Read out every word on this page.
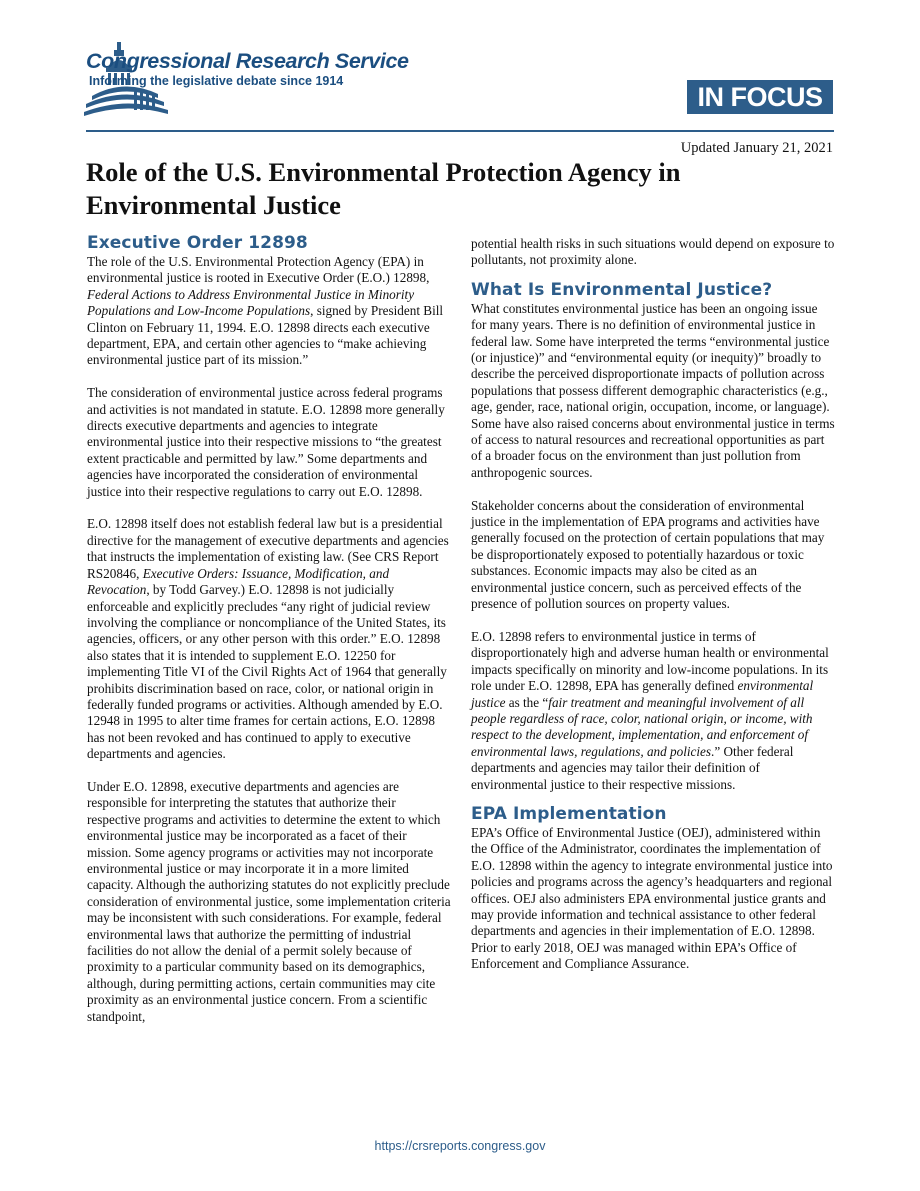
Congressional Research Service
Informing the legislative debate since 1914
IN FOCUS
Updated January 21, 2021
Role of the U.S. Environmental Protection Agency in Environmental Justice
Executive Order 12898

The role of the U.S. Environmental Protection Agency (EPA) in environmental justice is rooted in Executive Order (E.O.) 12898, Federal Actions to Address Environmental Justice in Minority Populations and Low-Income Populations, signed by President Bill Clinton on February 11, 1994. E.O. 12898 directs each executive department, EPA, and certain other agencies to “make achieving environmental justice part of its mission.”

The consideration of environmental justice across federal programs and activities is not mandated in statute. E.O. 12898 more generally directs executive departments and agencies to integrate environmental justice into their respective missions to “the greatest extent practicable and permitted by law.” Some departments and agencies have incorporated the consideration of environmental justice into their respective regulations to carry out E.O. 12898.

E.O. 12898 itself does not establish federal law but is a presidential directive for the management of executive departments and agencies that instructs the implementation of existing law. (See CRS Report RS20846, Executive Orders: Issuance, Modification, and Revocation, by Todd Garvey.) E.O. 12898 is not judicially enforceable and explicitly precludes “any right of judicial review involving the compliance or noncompliance of the United States, its agencies, officers, or any other person with this order.” E.O. 12898 also states that it is intended to supplement E.O. 12250 for implementing Title VI of the Civil Rights Act of 1964 that generally prohibits discrimination based on race, color, or national origin in federally funded programs or activities. Although amended by E.O. 12948 in 1995 to alter time frames for certain actions, E.O. 12898 has not been revoked and has continued to apply to executive departments and agencies.

Under E.O. 12898, executive departments and agencies are responsible for interpreting the statutes that authorize their respective programs and activities to determine the extent to which environmental justice may be incorporated as a facet of their mission. Some agency programs or activities may not incorporate environmental justice or may incorporate it in a more limited capacity. Although the authorizing statutes do not explicitly preclude consideration of environmental justice, some implementation criteria may be inconsistent with such considerations. For example, federal environmental laws that authorize the permitting of industrial facilities do not allow the denial of a permit solely because of proximity to a particular community based on its demographics, although, during permitting actions, certain communities may cite proximity as an environmental justice concern. From a scientific standpoint,

potential health risks in such situations would depend on exposure to pollutants, not proximity alone.

What Is Environmental Justice?

What constitutes environmental justice has been an ongoing issue for many years. There is no definition of environmental justice in federal law. Some have interpreted the terms “environmental justice (or injustice)” and “environmental equity (or inequity)” broadly to describe the perceived disproportionate impacts of pollution across populations that possess different demographic characteristics (e.g., age, gender, race, national origin, occupation, income, or language). Some have also raised concerns about environmental justice in terms of access to natural resources and recreational opportunities as part of a broader focus on the environment than just pollution from anthropogenic sources.

Stakeholder concerns about the consideration of environmental justice in the implementation of EPA programs and activities have generally focused on the protection of certain populations that may be disproportionately exposed to potentially hazardous or toxic substances. Economic impacts may also be cited as an environmental justice concern, such as perceived effects of the presence of pollution sources on property values.

E.O. 12898 refers to environmental justice in terms of disproportionately high and adverse human health or environmental impacts specifically on minority and low-income populations. In its role under E.O. 12898, EPA has generally defined environmental justice as the “fair treatment and meaningful involvement of all people regardless of race, color, national origin, or income, with respect to the development, implementation, and enforcement of environmental laws, regulations, and policies.” Other federal departments and agencies may tailor their definition of environmental justice to their respective missions.

EPA Implementation

EPA’s Office of Environmental Justice (OEJ), administered within the Office of the Administrator, coordinates the implementation of E.O. 12898 within the agency to integrate environmental justice into policies and programs across the agency’s headquarters and regional offices. OEJ also administers EPA environmental justice grants and may provide information and technical assistance to other federal departments and agencies in their implementation of E.O. 12898. Prior to early 2018, OEJ was managed within EPA’s Office of Enforcement and Compliance Assurance.

https://crsreports.congress.gov
